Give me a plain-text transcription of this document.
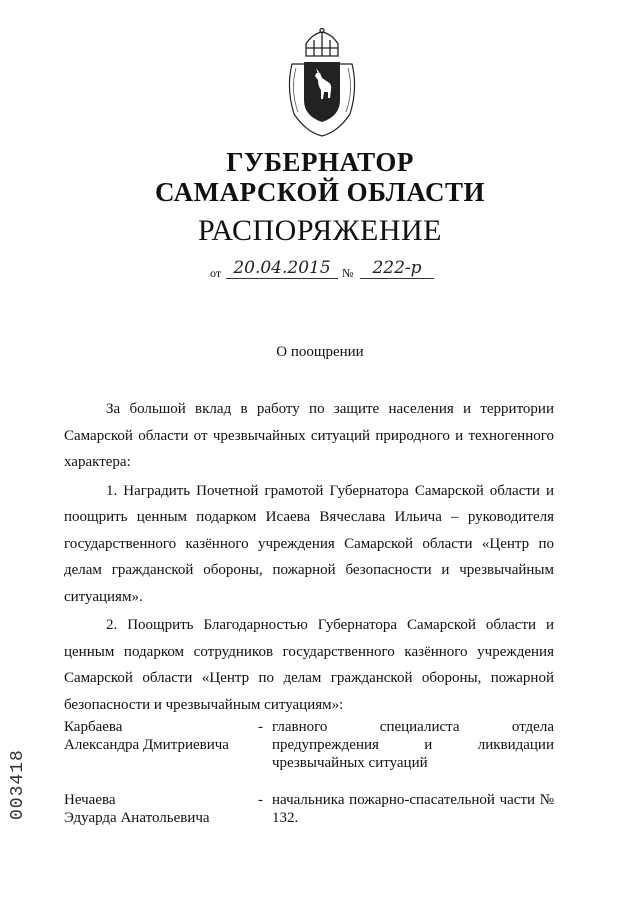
ГУБЕРНАТОР
САМАРСКОЙ ОБЛАСТИ
РАСПОРЯЖЕНИЕ
от 20.04.2015 №	222-р
О поощрении

За большой вклад в работу по защите населения и территории Самарской области от чрезвычайных ситуаций природного и техногенного характера:

1. Наградить Почетной грамотой Губернатора Самарской области и поощрить ценным подарком Исаева Вячеслава Ильича – руководителя государственного казённого учреждения Самарской области «Центр по делам гражданской обороны, пожарной безопасности и чрезвычайным ситуациям».

2. Поощрить Благодарностью Губернатора Самарской области и ценным подарком сотрудников государственного казённого учреждения Самарской области «Центр по делам гражданской обороны, пожарной безопасности и чрезвычайным ситуациям»:

Карбаева
Александра Дмитриевича
- главного специалиста отдела предупреждения и ликвидации чрезвычайных ситуаций
Нечаева
Эдуарда Анатольевича
- начальника пожарно-спасательной части № 132.
003418
